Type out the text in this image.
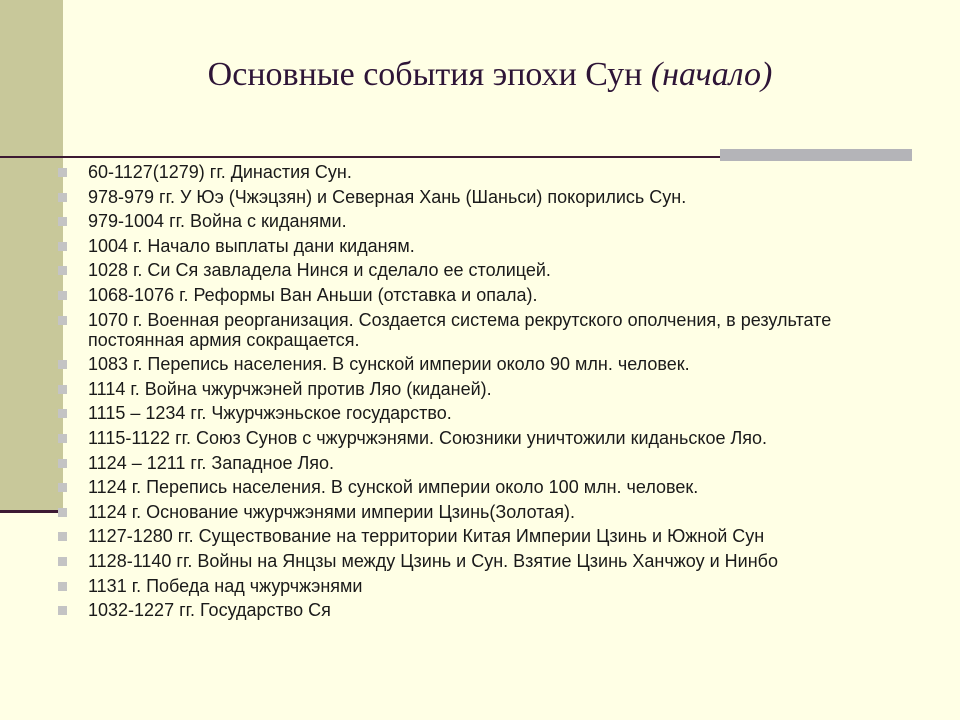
Основные события эпохи Сун (начало)
60-1127(1279) гг. Династия Сун.
978-979 гг. У Юэ (Чжэцзян) и Северная Хань (Шаньси) покорились Сун.
979-1004 гг. Война с киданями.
1004 г. Начало выплаты дани киданям.
1028 г. Си Ся завладела Нинся и сделало ее столицей.
1068-1076 г. Реформы Ван Аньши (отставка и опала).
1070 г. Военная реорганизация. Создается система рекрутского ополчения, в результате постоянная армия сокращается.
1083 г. Перепись населения. В сунской империи около 90 млн. человек.
1114 г. Война чжурчжэней против Ляо (киданей).
1115 – 1234 гг. Чжурчжэньское государство.
1115-1122 гг. Союз Сунов с чжурчжэнями. Союзники уничтожили киданьское Ляо.
1124 – 1211 гг. Западное Ляо.
1124 г. Перепись населения. В сунской империи около 100 млн. человек.
1124 г. Основание чжурчжэнями империи Цзинь(Золотая).
1127-1280 гг. Существование на территории Китая Империи Цзинь и Южной Сун
1128-1140 гг. Войны на Янцзы между Цзинь и Сун. Взятие Цзинь Ханчжоу и Нинбо
1131 г. Победа над чжурчжэнями
1032-1227 гг. Государство Ся
